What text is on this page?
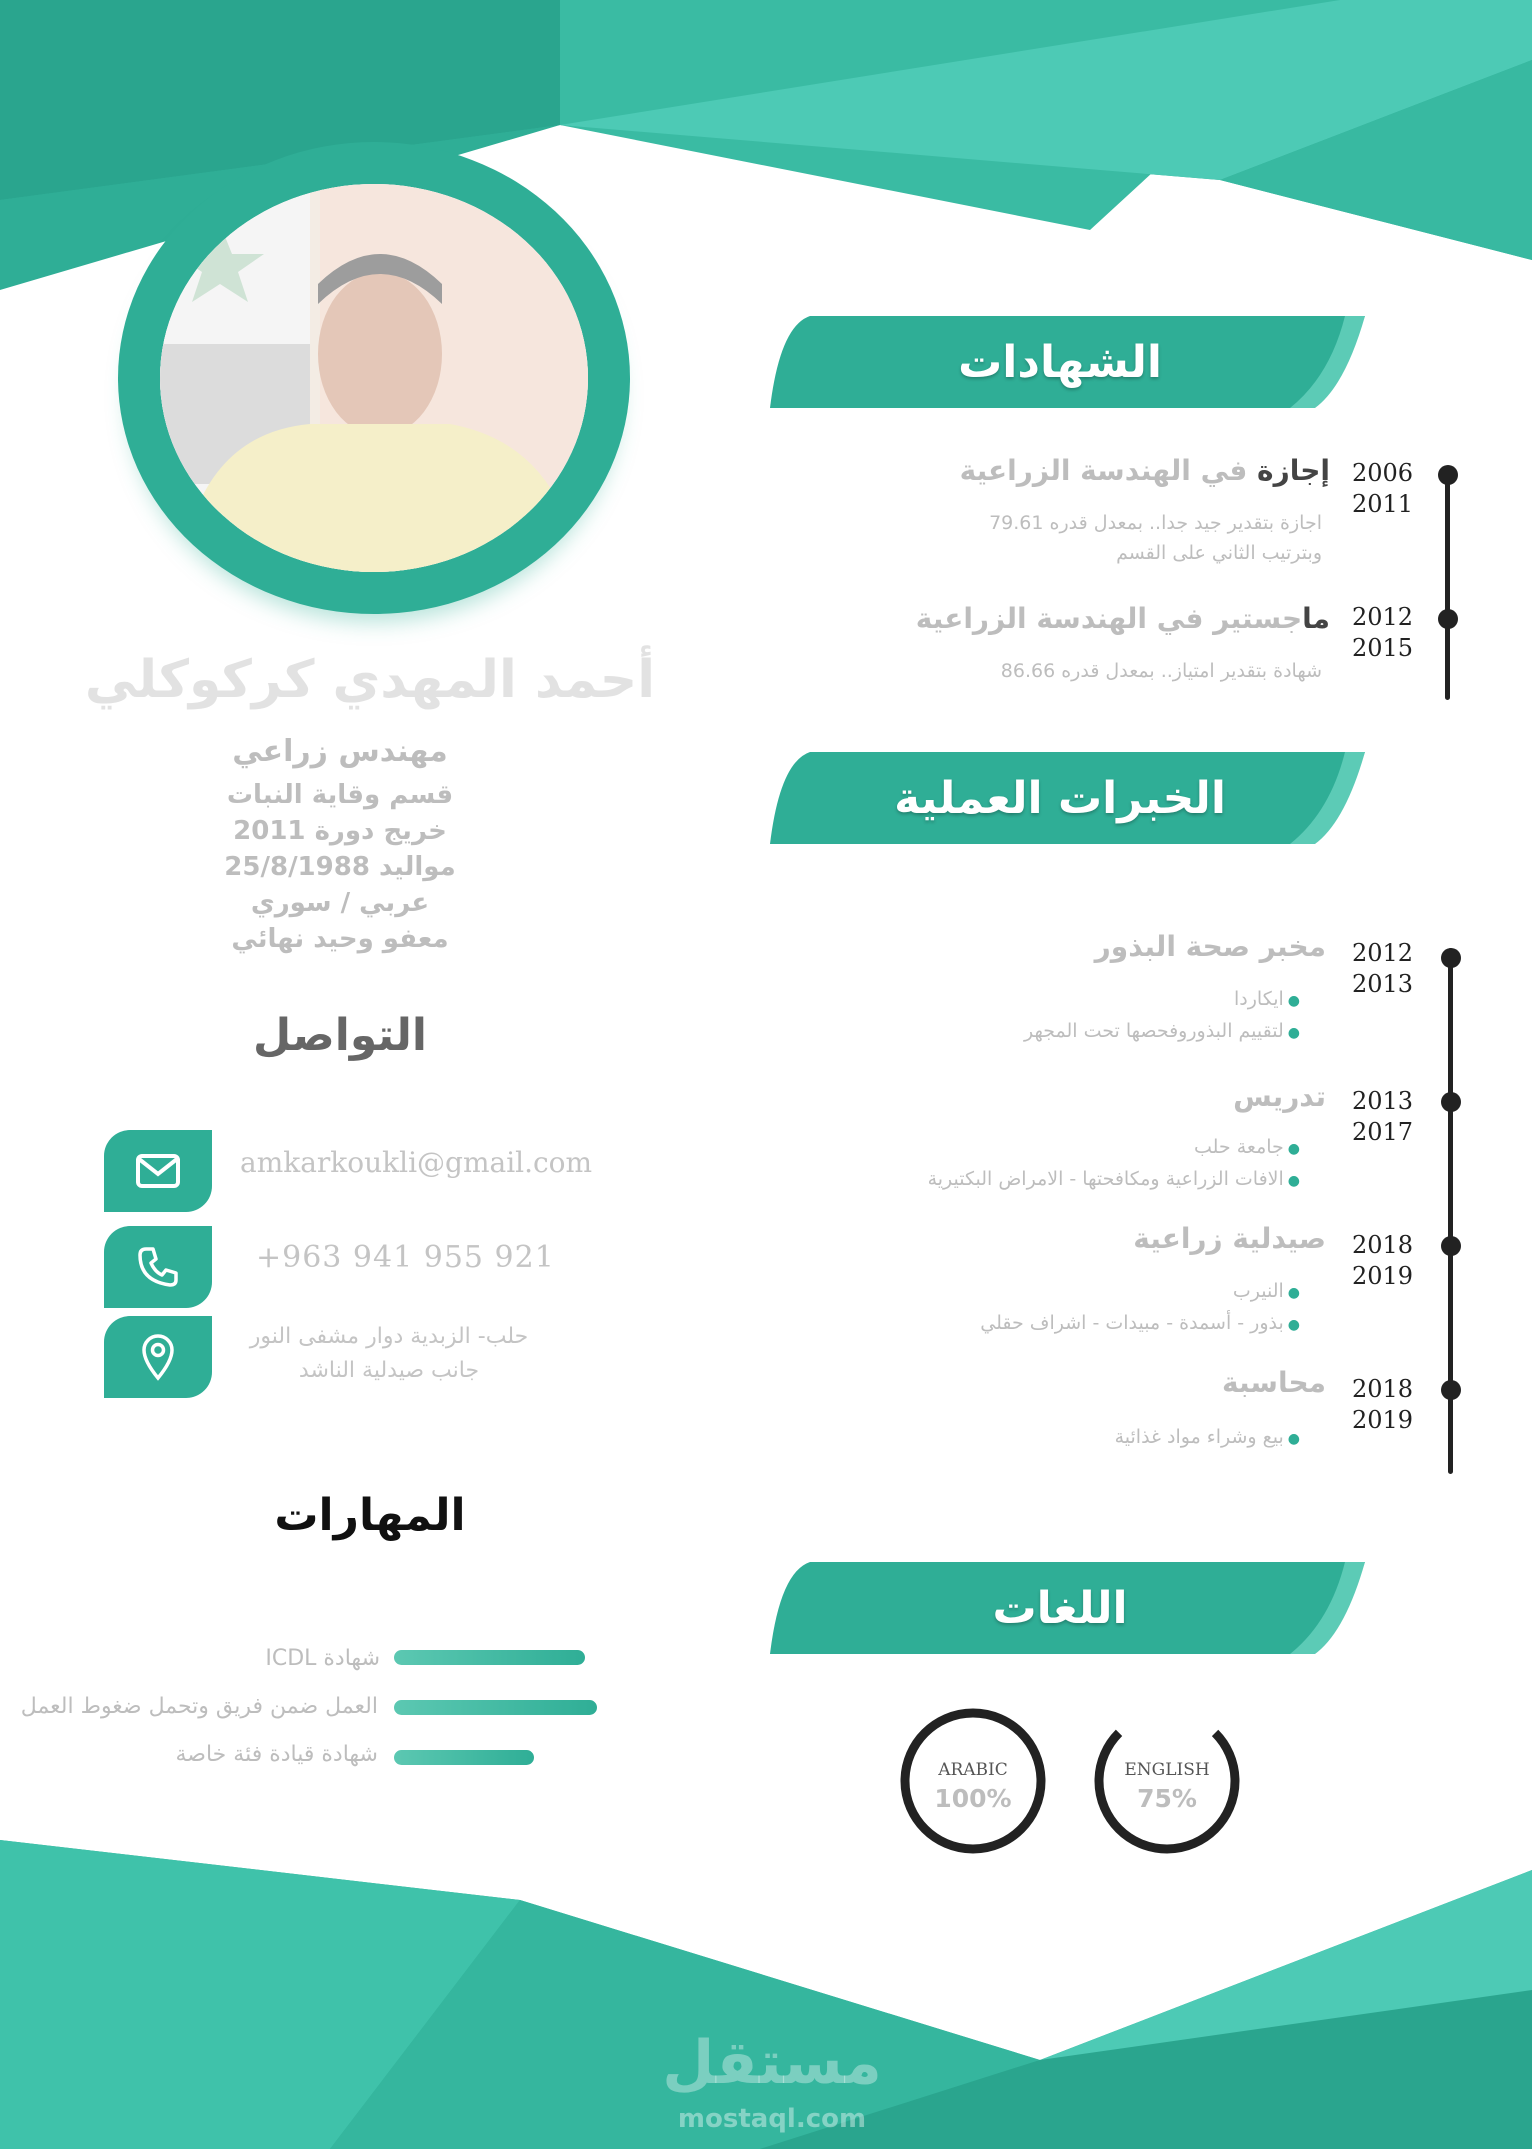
أحمد المهدي كركوكلي
مهندس زراعي
قسم وقاية النبات
خريج دورة 2011
مواليد 25/8/1988
عربي / سوري
معفو وحيد نهائي
التواصل
amkarkoukli@gmail.com
+963 941 955 921
حلب- الزبدية دوار مشفى النور
جانب صيدلية الناشد
المهارات
شهادة ICDL
العمل ضمن فريق وتحمل ضغوط العمل
شهادة قيادة فئة خاصة
الشهادات
الخبرات العملية
اللغات
2006
2011
إجازة في الهندسة الزراعية
اجازة بتقدير جيد جدا.. بمعدل قدره 79.61
وبترتيب الثاني على القسم
2012
2015
ماجستير في الهندسة الزراعية
شهادة بتقدير امتياز.. بمعدل قدره 86.66
2012
2013
مخبر صحة البذور
●ايكاردا
●لتقييم البذوروفحصها تحت المجهر
2013
2017
تدريس
●جامعة حلب
●الافات الزراعية ومكافحتها - الامراض البكتيرية
2018
2019
صيدلية زراعية
●النيرب
●بذور - أسمدة - مبيدات - اشراف حقلي
2018
2019
محاسبة
●بيع وشراء مواد غذائية
ARABIC
100%
ENGLISH
75%
مستقل
mostaql.com
